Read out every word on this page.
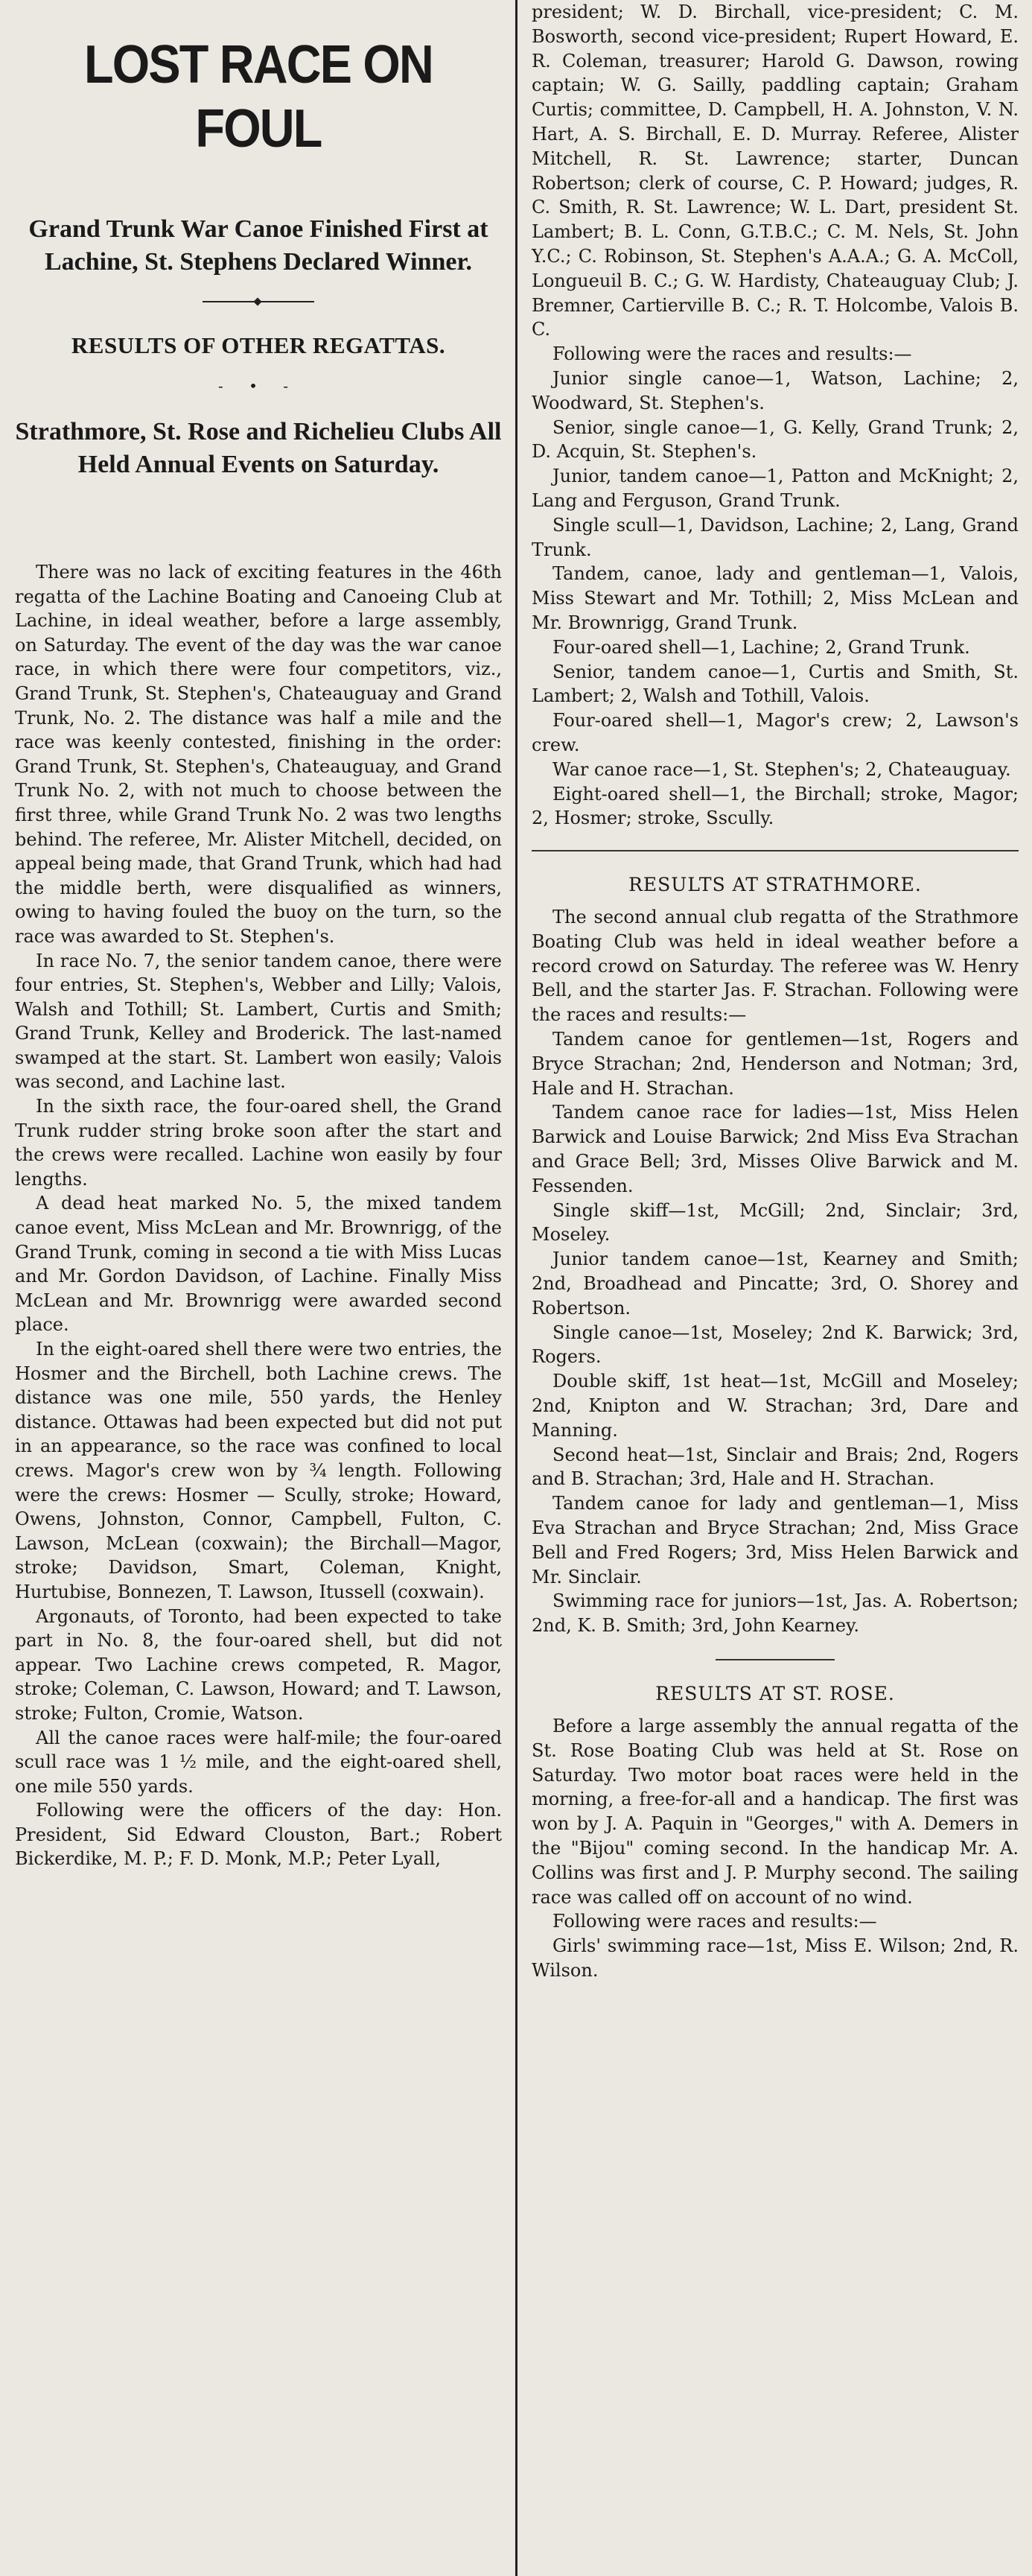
LOST RACE ON FOUL

Grand Trunk War Canoe Finished First at Lachine, St. Stephens Declared Winner.

RESULTS OF OTHER REGATTAS.

- • -

Strathmore, St. Rose and Richelieu Clubs All Held Annual Events on Saturday.

There was no lack of exciting features in the 46th regatta of the Lachine Boating and Canoeing Club at Lachine, in ideal weather, before a large assembly, on Saturday. The event of the day was the war canoe race, in which there were four competitors, viz., Grand Trunk, St. Stephen's, Chateauguay and Grand Trunk, No. 2. The distance was half a mile and the race was keenly contested, finishing in the order: Grand Trunk, St. Stephen's, Chateauguay, and Grand Trunk No. 2, with not much to choose between the first three, while Grand Trunk No. 2 was two lengths behind. The referee, Mr. Alister Mitchell, decided, on appeal being made, that Grand Trunk, which had had the middle berth, were disqualified as winners, owing to having fouled the buoy on the turn, so the race was awarded to St. Stephen's.

In race No. 7, the senior tandem canoe, there were four entries, St. Stephen's, Webber and Lilly; Valois, Walsh and Tothill; St. Lambert, Curtis and Smith; Grand Trunk, Kelley and Broderick. The last-named swamped at the start. St. Lambert won easily; Valois was second, and Lachine last.

In the sixth race, the four-oared shell, the Grand Trunk rudder string broke soon after the start and the crews were recalled. Lachine won easily by four lengths.

A dead heat marked No. 5, the mixed tandem canoe event, Miss McLean and Mr. Brownrigg, of the Grand Trunk, coming in second a tie with Miss Lucas and Mr. Gordon Davidson, of Lachine. Finally Miss McLean and Mr. Brownrigg were awarded second place.

In the eight-oared shell there were two entries, the Hosmer and the Birchell, both Lachine crews. The distance was one mile, 550 yards, the Henley distance. Ottawas had been expected but did not put in an appearance, so the race was confined to local crews. Magor's crew won by ¾ length. Following were the crews: Hosmer — Scully, stroke; Howard, Owens, Johnston, Connor, Campbell, Fulton, C. Lawson, McLean (coxwain); the Birchall—Magor, stroke; Davidson, Smart, Coleman, Knight, Hurtubise, Bonnezen, T. Lawson, Itussell (coxwain).

Argonauts, of Toronto, had been expected to take part in No. 8, the four-oared shell, but did not appear. Two Lachine crews competed, R. Magor, stroke; Coleman, C. Lawson, Howard; and T. Lawson, stroke; Fulton, Cromie, Watson.

All the canoe races were half-mile; the four-oared scull race was 1 ½ mile, and the eight-oared shell, one mile 550 yards.

Following were the officers of the day: Hon. President, Sid Edward Clouston, Bart.; Robert Bickerdike, M. P.; F. D. Monk, M.P.; Peter Lyall,

president; W. D. Birchall, vice-president; C. M. Bosworth, second vice-president; Rupert Howard, E. R. Coleman, treasurer; Harold G. Dawson, rowing captain; W. G. Sailly, paddling captain; Graham Curtis; committee, D. Campbell, H. A. Johnston, V. N. Hart, A. S. Birchall, E. D. Murray. Referee, Alister Mitchell, R. St. Lawrence; starter, Duncan Robertson; clerk of course, C. P. Howard; judges, R. C. Smith, R. St. Lawrence; W. L. Dart, president St. Lambert; B. L. Conn, G.T.B.C.; C. M. Nels, St. John Y.C.; C. Robinson, St. Stephen's A.A.A.; G. A. McColl, Longueuil B. C.; G. W. Hardisty, Chateauguay Club; J. Bremner, Cartierville B. C.; R. T. Holcombe, Valois B. C.

Following were the races and results:—

Junior single canoe—1, Watson, Lachine; 2, Woodward, St. Stephen's.

Senior, single canoe—1, G. Kelly, Grand Trunk; 2, D. Acquin, St. Stephen's.

Junior, tandem canoe—1, Patton and McKnight; 2, Lang and Ferguson, Grand Trunk.

Single scull—1, Davidson, Lachine; 2, Lang, Grand Trunk.

Tandem, canoe, lady and gentleman—1, Valois, Miss Stewart and Mr. Tothill; 2, Miss McLean and Mr. Brownrigg, Grand Trunk.

Four-oared shell—1, Lachine; 2, Grand Trunk.

Senior, tandem canoe—1, Curtis and Smith, St. Lambert; 2, Walsh and Tothill, Valois.

Four-oared shell—1, Magor's crew; 2, Lawson's crew.

War canoe race—1, St. Stephen's; 2, Chateauguay.

Eight-oared shell—1, the Birchall; stroke, Magor; 2, Hosmer; stroke, Sscully.

RESULTS AT STRATHMORE.

The second annual club regatta of the Strathmore Boating Club was held in ideal weather before a record crowd on Saturday. The referee was W. Henry Bell, and the starter Jas. F. Strachan. Following were the races and results:—

Tandem canoe for gentlemen—1st, Rogers and Bryce Strachan; 2nd, Henderson and Notman; 3rd, Hale and H. Strachan.

Tandem canoe race for ladies—1st, Miss Helen Barwick and Louise Barwick; 2nd Miss Eva Strachan and Grace Bell; 3rd, Misses Olive Barwick and M. Fessenden.

Single skiff—1st, McGill; 2nd, Sinclair; 3rd, Moseley.

Junior tandem canoe—1st, Kearney and Smith; 2nd, Broadhead and Pincatte; 3rd, O. Shorey and Robertson.

Single canoe—1st, Moseley; 2nd K. Barwick; 3rd, Rogers.

Double skiff, 1st heat—1st, McGill and Moseley; 2nd, Knipton and W. Strachan; 3rd, Dare and Manning.

Second heat—1st, Sinclair and Brais; 2nd, Rogers and B. Strachan; 3rd, Hale and H. Strachan.

Tandem canoe for lady and gentleman—1, Miss Eva Strachan and Bryce Strachan; 2nd, Miss Grace Bell and Fred Rogers; 3rd, Miss Helen Barwick and Mr. Sinclair.

Swimming race for juniors—1st, Jas. A. Robertson; 2nd, K. B. Smith; 3rd, John Kearney.

RESULTS AT ST. ROSE.

Before a large assembly the annual regatta of the St. Rose Boating Club was held at St. Rose on Saturday. Two motor boat races were held in the morning, a free-for-all and a handicap. The first was won by J. A. Paquin in "Georges," with A. Demers in the "Bijou" coming second. In the handicap Mr. A. Collins was first and J. P. Murphy second. The sailing race was called off on account of no wind.

Following were races and results:—

Girls' swimming race—1st, Miss E. Wilson; 2nd, R. Wilson.
